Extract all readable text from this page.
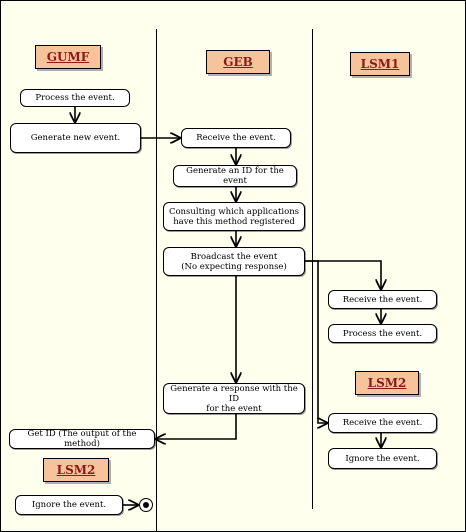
GUMF	GEB	LSM1
LSM2
LSM2
Process the event.
Generate new event.	Receive the event.
Generate an ID for the event
Consulting which applications
have this method registered
Broadcast the event
(No expecting response)
Receive the event.
Process the event.
Generate a response with the ID
for the event
Receive the event.
Ignore the event.
Get ID (The output of the method)
Ignore the event.
